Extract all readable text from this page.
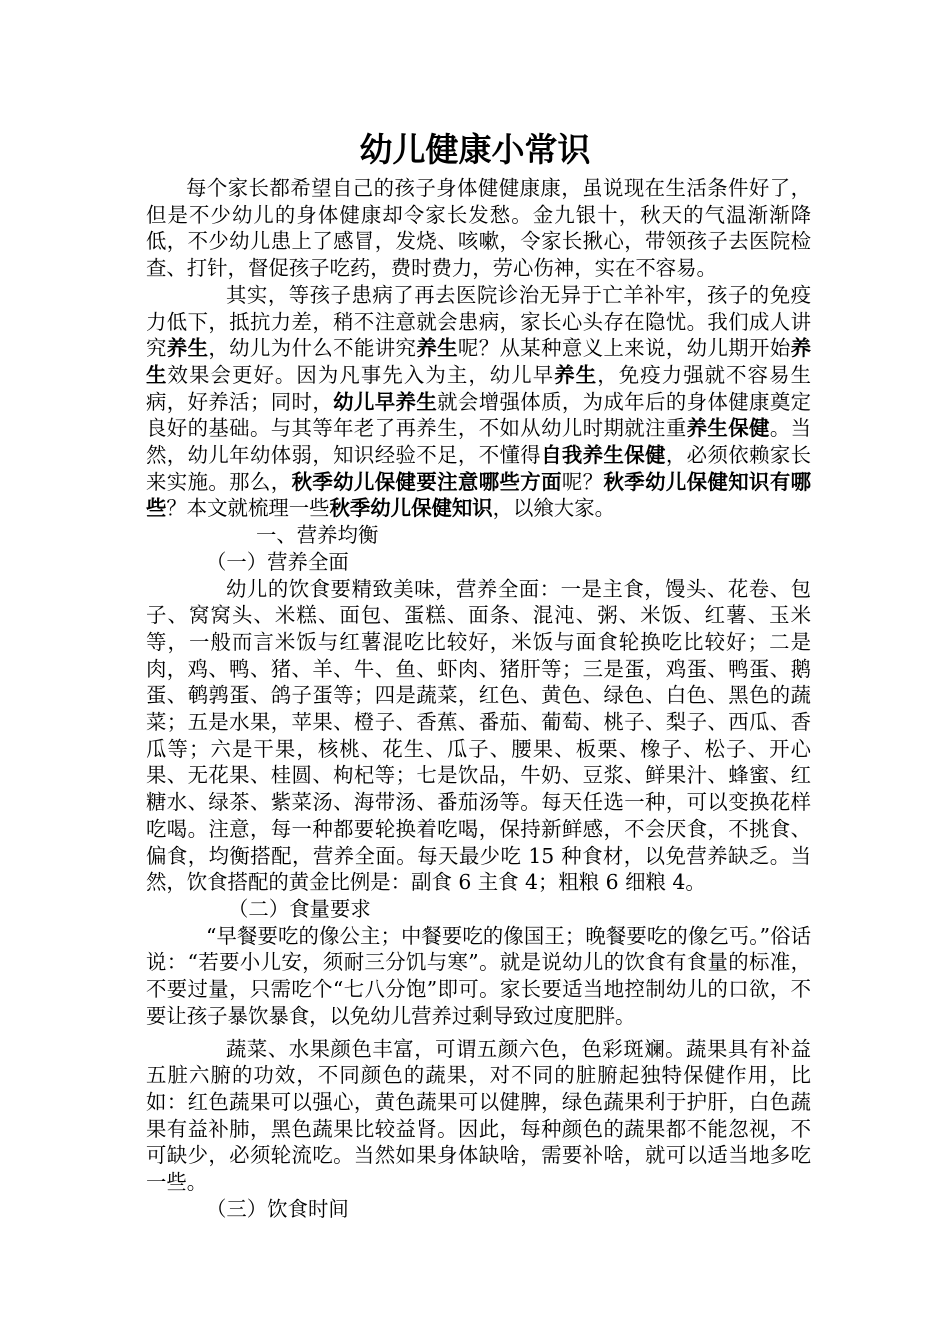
幼儿健康小常识

每个家长都希望自己的孩子身体健健康康，虽说现在生活条件好了，但是不少幼儿的身体健康却令家长发愁。金九银十，秋天的气温渐渐降低，不少幼儿患上了感冒，发烧、咳嗽，令家长揪心，带领孩子去医院检查、打针，督促孩子吃药，费时费力，劳心伤神，实在不容易。

其实，等孩子患病了再去医院诊治无异于亡羊补牢，孩子的免疫力低下，抵抗力差，稍不注意就会患病，家长心头存在隐忧。我们成人讲究养生，幼儿为什么不能讲究养生呢？从某种意义上来说，幼儿期开始养生效果会更好。因为凡事先入为主，幼儿早养生，免疫力强就不容易生病，好养活；同时，幼儿早养生就会增强体质，为成年后的身体健康奠定良好的基础。与其等年老了再养生，不如从幼儿时期就注重养生保健。当然，幼儿年幼体弱，知识经验不足，不懂得自我养生保健，必须依赖家长来实施。那么，秋季幼儿保健要注意哪些方面呢？秋季幼儿保健知识有哪些？本文就梳理一些秋季幼儿保健知识，以飨大家。

一、营养均衡

（一）营养全面

幼儿的饮食要精致美味，营养全面：一是主食，馒头、花卷、包子、窝窝头、米糕、面包、蛋糕、面条、混沌、粥、米饭、红薯、玉米等，一般而言米饭与红薯混吃比较好，米饭与面食轮换吃比较好；二是肉，鸡、鸭、猪、羊、牛、鱼、虾肉、猪肝等；三是蛋，鸡蛋、鸭蛋、鹅蛋、鹌鹑蛋、鸽子蛋等；四是蔬菜，红色、黄色、绿色、白色、黑色的蔬菜；五是水果，苹果、橙子、香蕉、番茄、葡萄、桃子、梨子、西瓜、香瓜等；六是干果，核桃、花生、瓜子、腰果、板栗、橡子、松子、开心果、无花果、桂圆、枸杞等；七是饮品，牛奶、豆浆、鲜果汁、蜂蜜、红糖水、绿茶、紫菜汤、海带汤、番茄汤等。每天任选一种，可以变换花样吃喝。注意，每一种都要轮换着吃喝，保持新鲜感，不会厌食，不挑食、偏食，均衡搭配，营养全面。每天最少吃 15 种食材，以免营养缺乏。当然，饮食搭配的黄金比例是：副食 6 主食 4；粗粮 6 细粮 4。

（二）食量要求

“早餐要吃的像公主；中餐要吃的像国王；晚餐要吃的像乞丐。”俗话说：“若要小儿安，须耐三分饥与寒”。就是说幼儿的饮食有食量的标准，不要过量，只需吃个“七八分饱”即可。家长要适当地控制幼儿的口欲，不要让孩子暴饮暴食，以免幼儿营养过剩导致过度肥胖。

蔬菜、水果颜色丰富，可谓五颜六色，色彩斑斓。蔬果具有补益五脏六腑的功效，不同颜色的蔬果，对不同的脏腑起独特保健作用，比如：红色蔬果可以强心，黄色蔬果可以健脾，绿色蔬果利于护肝，白色蔬果有益补肺，黑色蔬果比较益肾。因此，每种颜色的蔬果都不能忽视，不可缺少，必须轮流吃。当然如果身体缺啥，需要补啥，就可以适当地多吃一些。

（三）饮食时间
